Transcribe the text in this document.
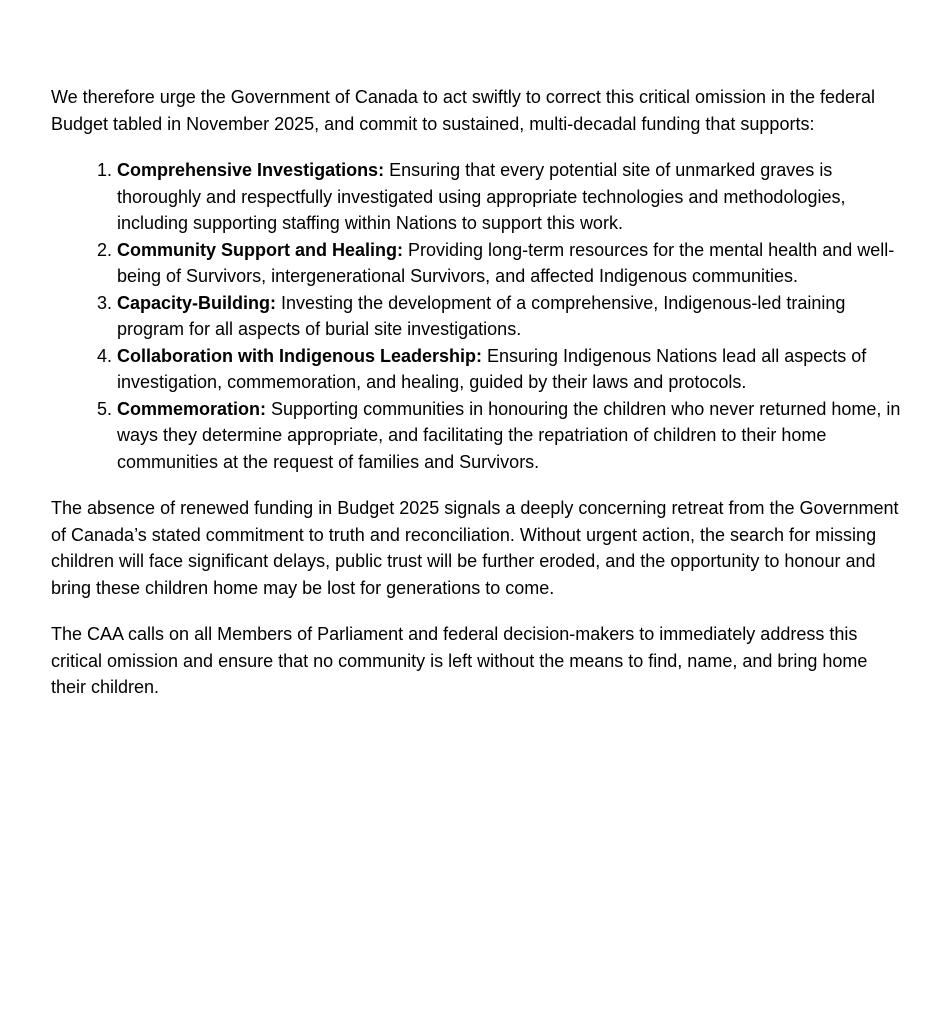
We therefore urge the Government of Canada to act swiftly to correct this critical omission in the federal Budget tabled in November 2025, and commit to sustained, multi-decadal funding that supports:

1. Comprehensive Investigations: Ensuring that every potential site of unmarked graves is thoroughly and respectfully investigated using appropriate technologies and methodologies, including supporting staffing within Nations to support this work.
2. Community Support and Healing: Providing long-term resources for the mental health and well-being of Survivors, intergenerational Survivors, and affected Indigenous communities.
3. Capacity-Building: Investing the development of a comprehensive, Indigenous-led training program for all aspects of burial site investigations.
4. Collaboration with Indigenous Leadership: Ensuring Indigenous Nations lead all aspects of investigation, commemoration, and healing, guided by their laws and protocols.
5. Commemoration: Supporting communities in honouring the children who never returned home, in ways they determine appropriate, and facilitating the repatriation of children to their home communities at the request of families and Survivors.

The absence of renewed funding in Budget 2025 signals a deeply concerning retreat from the Government of Canada’s stated commitment to truth and reconciliation. Without urgent action, the search for missing children will face significant delays, public trust will be further eroded, and the opportunity to honour and bring these children home may be lost for generations to come.

The CAA calls on all Members of Parliament and federal decision-makers to immediately address this critical omission and ensure that no community is left without the means to find, name, and bring home their children.
